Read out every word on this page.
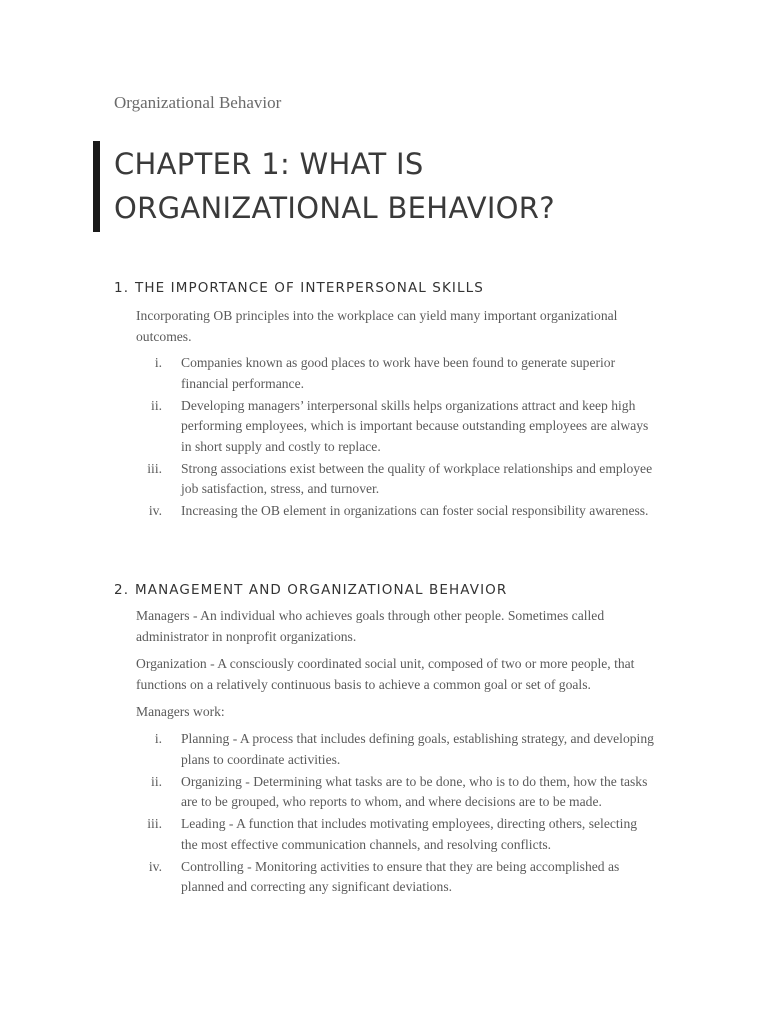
Organizational Behavior
CHAPTER 1: WHAT IS
ORGANIZATIONAL BEHAVIOR?
1. THE IMPORTANCE OF INTERPERSONAL SKILLS

Incorporating OB principles into the workplace can yield many important organizational outcomes.

i. Companies known as good places to work have been found to generate superior financial performance.
ii. Developing managers’ interpersonal skills helps organizations attract and keep high performing employees, which is important because outstanding employees are always in short supply and costly to replace.
iii. Strong associations exist between the quality of workplace relationships and employee job satisfaction, stress, and turnover.
iv. Increasing the OB element in organizations can foster social responsibility awareness.
2. MANAGEMENT AND ORGANIZATIONAL BEHAVIOR

Managers - An individual who achieves goals through other people. Sometimes called administrator in nonprofit organizations.

Organization - A consciously coordinated social unit, composed of two or more people, that functions on a relatively continuous basis to achieve a common goal or set of goals.

Managers work:

i. Planning - A process that includes defining goals, establishing strategy, and developing plans to coordinate activities.
ii. Organizing - Determining what tasks are to be done, who is to do them, how the tasks are to be grouped, who reports to whom, and where decisions are to be made.
iii. Leading - A function that includes motivating employees, directing others, selecting the most effective communication channels, and resolving conflicts.
iv. Controlling - Monitoring activities to ensure that they are being accomplished as planned and correcting any significant deviations.
